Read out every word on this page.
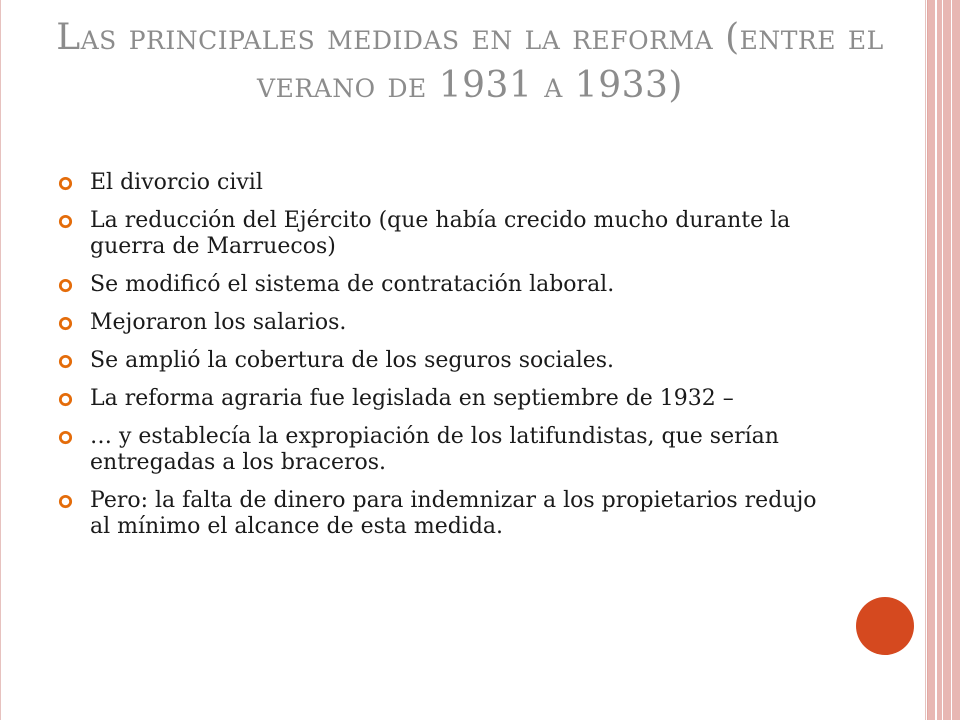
Las principales medidas en la reforma (entre el verano de 1931 a 1933)
El divorcio civil
La reducción del Ejército (que había crecido mucho durante la guerra de Marruecos)
Se modificó el sistema de contratación laboral.
Mejoraron los salarios.
Se amplió la cobertura de los seguros sociales.
La reforma agraria fue legislada en septiembre de 1932 –
… y establecía la expropiación de los latifundistas, que serían entregadas a los braceros.
Pero: la falta de dinero para indemnizar a los propietarios redujo al mínimo el alcance de esta medida.
